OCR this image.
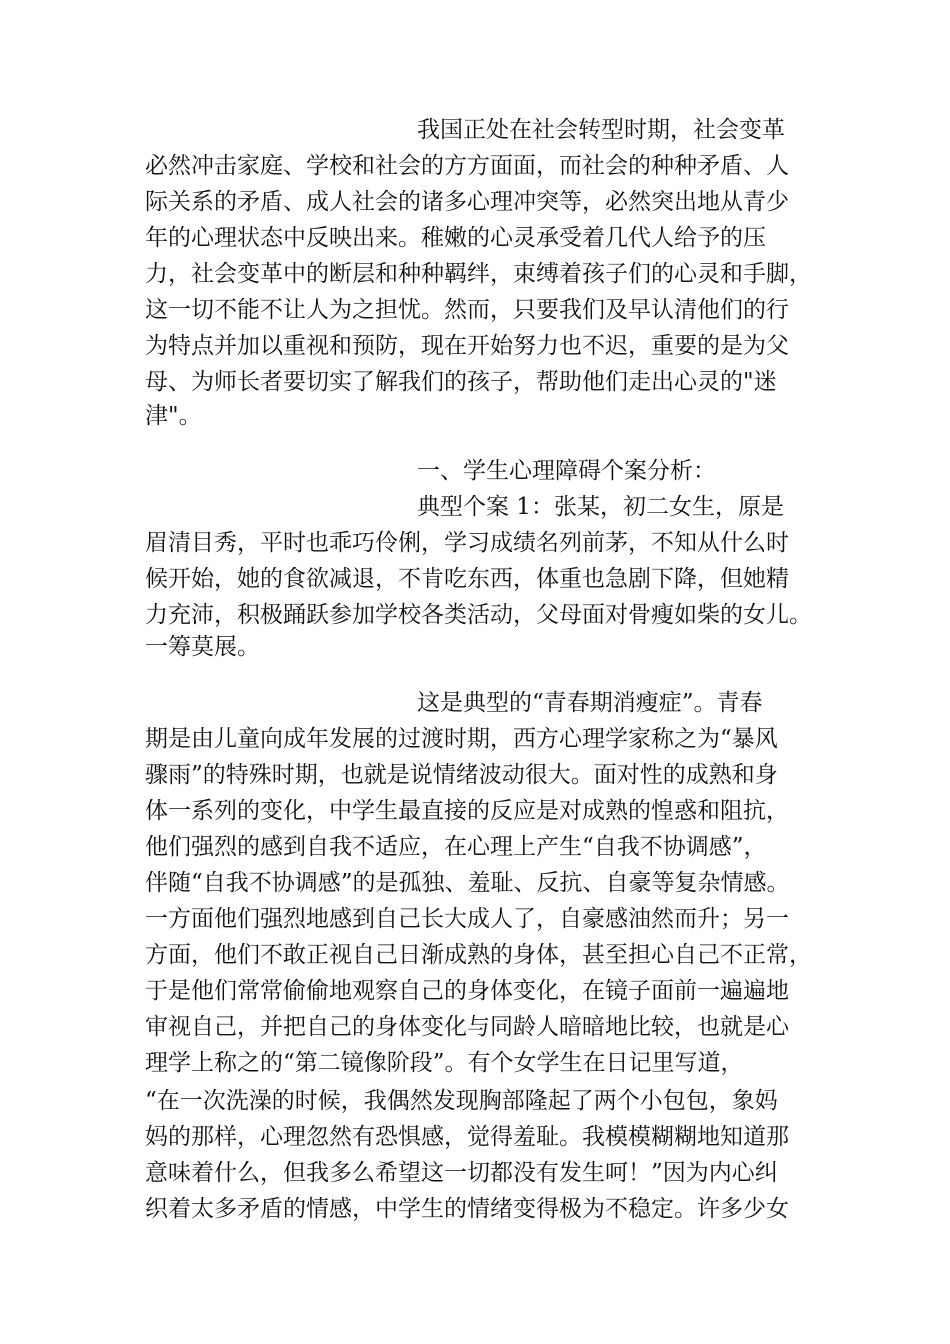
我国正处在社会转型时期，社会变革
必然冲击家庭、学校和社会的方方面面，而社会的种种矛盾、人
际关系的矛盾、成人社会的诸多心理冲突等，必然突出地从青少
年的心理状态中反映出来。稚嫩的心灵承受着几代人给予的压
力，社会变革中的断层和种种羁绊，束缚着孩子们的心灵和手脚，
这一切不能不让人为之担忧。然而，只要我们及早认清他们的行
为特点并加以重视和预防，现在开始努力也不迟，重要的是为父
母、为师长者要切实了解我们的孩子，帮助他们走出心灵的"迷
津"。
一、学生心理障碍个案分析：
典型个案 1：张某，初二女生，原是
眉清目秀，平时也乖巧伶俐，学习成绩名列前茅，不知从什么时
候开始，她的食欲减退，不肯吃东西，体重也急剧下降，但她精
力充沛，积极踊跃参加学校各类活动，父母面对骨瘦如柴的女儿。
一筹莫展。
这是典型的“青春期消瘦症”。青春
期是由儿童向成年发展的过渡时期，西方心理学家称之为“暴风
骤雨”的特殊时期，也就是说情绪波动很大。面对性的成熟和身
体一系列的变化，中学生最直接的反应是对成熟的惶惑和阻抗，
他们强烈的感到自我不适应，在心理上产生“自我不协调感”，
伴随“自我不协调感”的是孤独、羞耻、反抗、自豪等复杂情感。
一方面他们强烈地感到自己长大成人了，自豪感油然而升；另一
方面，他们不敢正视自己日渐成熟的身体，甚至担心自己不正常，
于是他们常常偷偷地观察自己的身体变化，在镜子面前一遍遍地
审视自己，并把自己的身体变化与同龄人暗暗地比较，也就是心
理学上称之的“第二镜像阶段”。有个女学生在日记里写道，
“在一次洗澡的时候，我偶然发现胸部隆起了两个小包包，象妈
妈的那样，心理忽然有恐惧感，觉得羞耻。我模模糊糊地知道那
意味着什么，但我多么希望这一切都没有发生呵！”因为内心纠
织着太多矛盾的情感，中学生的情绪变得极为不稳定。许多少女
